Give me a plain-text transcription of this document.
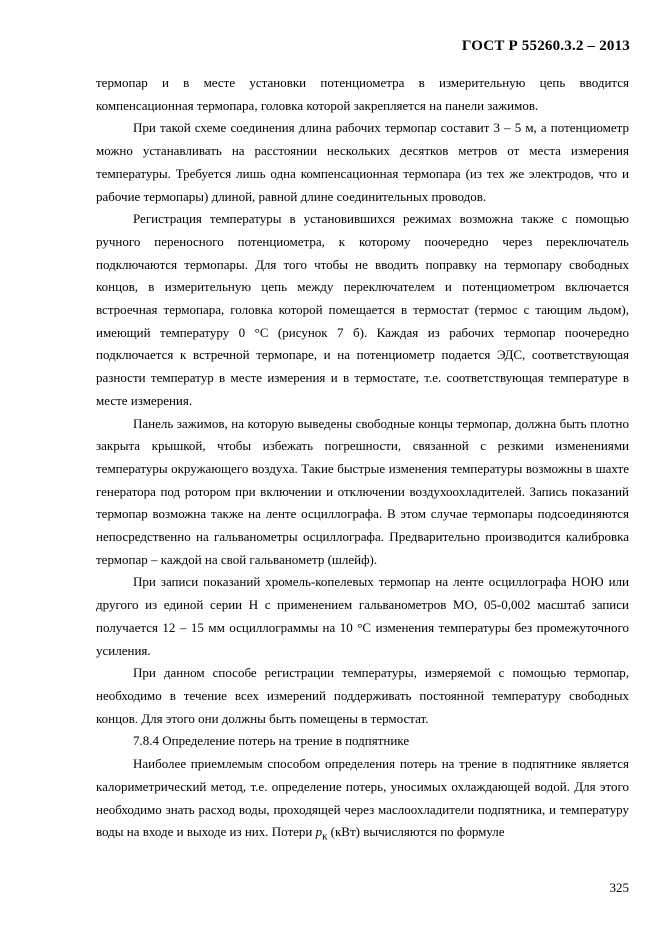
ГОСТ Р 55260.3.2 – 2013

термопар и в месте установки потенциометра в измерительную цепь вводится компенсационная термопара, головка которой закрепляется на панели зажимов.

При такой схеме соединения длина рабочих термопар составит 3 – 5 м, а потенциометр можно устанавливать на расстоянии нескольких десятков метров от места измерения температуры. Требуется лишь одна компенсационная термопара (из тех же электродов, что и рабочие термопары) длиной, равной длине соединительных проводов.

Регистрация температуры в установившихся режимах возможна также с помощью ручного переносного потенциометра, к которому поочередно через переключатель подключаются термопары. Для того чтобы не вводить поправку на термопару свободных концов, в измерительную цепь между переключателем и потенциометром включается встроечная термопара, головка которой помещается в термостат (термос с тающим льдом), имеющий температуру 0 °C (рисунок 7 б). Каждая из рабочих термопар поочередно подключается к встречной термопаре, и на потенциометр подается ЭДС, соответствующая разности температур в месте измерения и в термостате, т.е. соответствующая температуре в месте измерения.

Панель зажимов, на которую выведены свободные концы термопар, должна быть плотно закрыта крышкой, чтобы избежать погрешности, связанной с резкими изменениями температуры окружающего воздуха. Такие быстрые изменения температуры возможны в шахте генератора под ротором при включении и отключении воздухоохладителей. Запись показаний термопар возможна также на ленте осциллографа. В этом случае термопары подсоединяются непосредственно на гальванометры осциллографа. Предварительно производится калибровка термопар – каждой на свой гальванометр (шлейф).

При записи показаний хромель-копелевых термопар на ленте осциллографа НОЮ или другого из единой серии Н с применением гальванометров МО, 05-0,002 масштаб записи получается 12 – 15 мм осциллограммы на 10 °C изменения температуры без промежуточного усиления.

При данном способе регистрации температуры, измеряемой с помощью термопар, необходимо в течение всех измерений поддерживать постоянной температуру свободных концов. Для этого они должны быть помещены в термостат.

7.8.4 Определение потерь на трение в подпятнике

Наиболее приемлемым способом определения потерь на трение в подпятнике является калориметрический метод, т.е. определение потерь, уносимых охлаждающей водой. Для этого необходимо знать расход воды, проходящей через маслоохладители подпятника, и температуру воды на входе и выходе из них. Потери $p_к$ (кВт) вычисляются по формуле

325
